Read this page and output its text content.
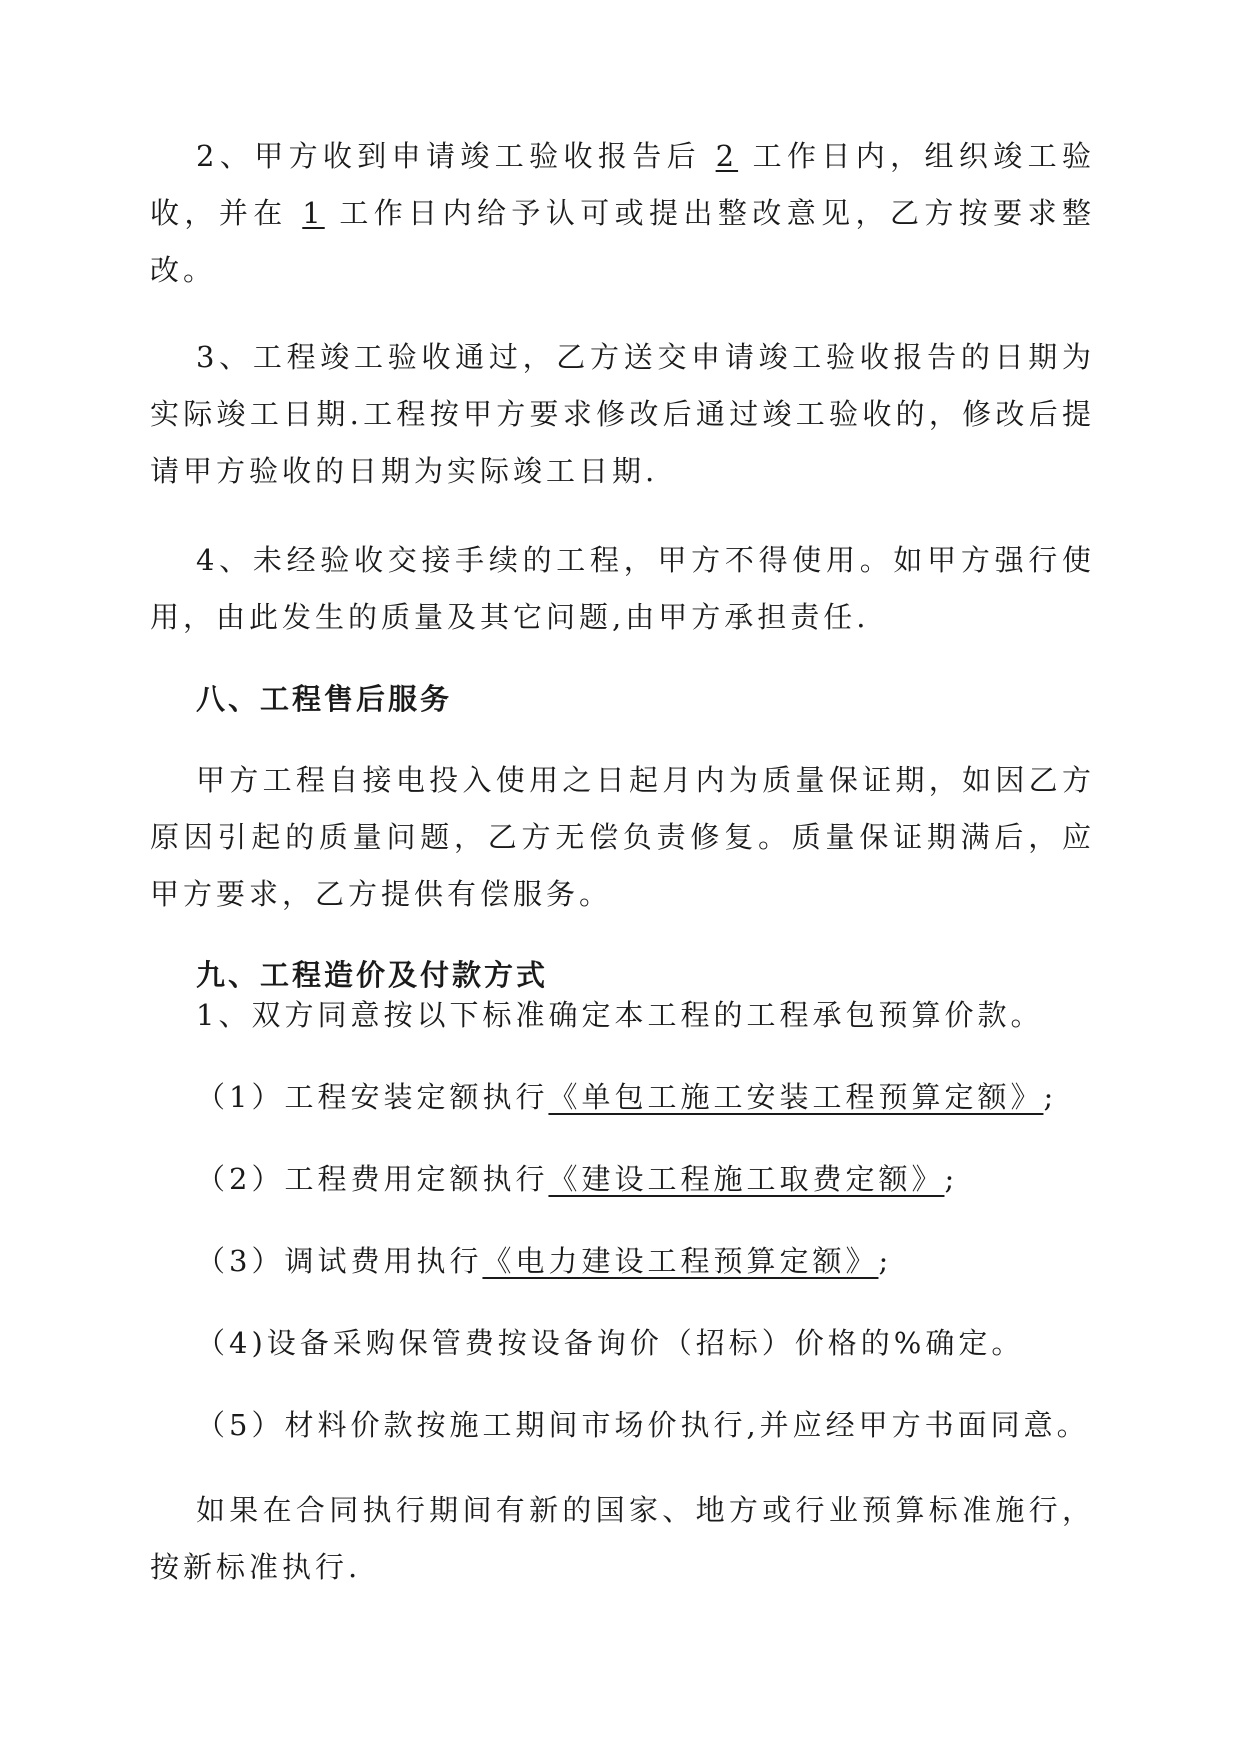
2、甲方收到申请竣工验收报告后 2 工作日内，组织竣工验收，并在 1 工作日内给予认可或提出整改意见，乙方按要求整改。

3、工程竣工验收通过，乙方送交申请竣工验收报告的日期为实际竣工日期.工程按甲方要求修改后通过竣工验收的，修改后提请甲方验收的日期为实际竣工日期.

4、未经验收交接手续的工程，甲方不得使用。如甲方强行使用，由此发生的质量及其它问题,由甲方承担责任.

八、工程售后服务

甲方工程自接电投入使用之日起月内为质量保证期，如因乙方原因引起的质量问题，乙方无偿负责修复。质量保证期满后，应甲方要求，乙方提供有偿服务。

九、工程造价及付款方式

1、双方同意按以下标准确定本工程的工程承包预算价款。

（1）工程安装定额执行《单包工施工安装工程预算定额》;

（2）工程费用定额执行《建设工程施工取费定额》;

（3）调试费用执行《电力建设工程预算定额》;

（4)设备采购保管费按设备询价（招标）价格的%确定。

（5）材料价款按施工期间市场价执行,并应经甲方书面同意。

如果在合同执行期间有新的国家、地方或行业预算标准施行，按新标准执行.
